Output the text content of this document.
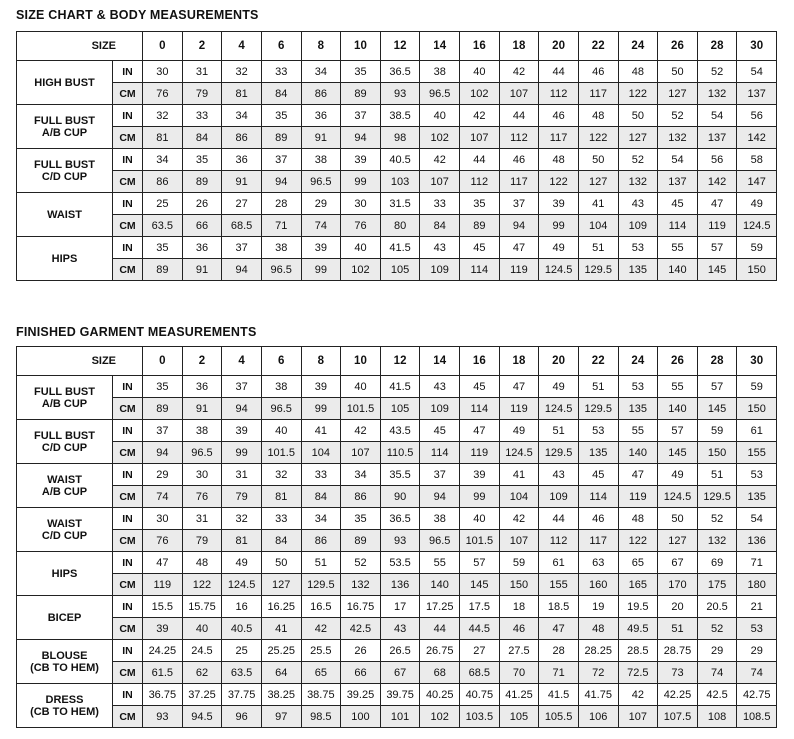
SIZE CHART & BODY MEASUREMENTS
SIZE		0	2	4	6	8	10	12	14	16	18	20	22	24	26	28	30
HIGH BUST	IN	30	31	32	33	34	35	36.5	38	40	42	44	46	48	50	52	54
	CM	76	79	81	84	86	89	93	96.5	102	107	112	117	122	127	132	137
FULL BUST
A/B CUP	IN	32	33	34	35	36	37	38.5	40	42	44	46	48	50	52	54	56
	CM	81	84	86	89	91	94	98	102	107	112	117	122	127	132	137	142
FULL BUST
C/D CUP	IN	34	35	36	37	38	39	40.5	42	44	46	48	50	52	54	56	58
	CM	86	89	91	94	96.5	99	103	107	112	117	122	127	132	137	142	147
WAIST	IN	25	26	27	28	29	30	31.5	33	35	37	39	41	43	45	47	49
	CM	63.5	66	68.5	71	74	76	80	84	89	94	99	104	109	114	119	124.5
HIPS	IN	35	36	37	38	39	40	41.5	43	45	47	49	51	53	55	57	59
	CM	89	91	94	96.5	99	102	105	109	114	119	124.5	129.5	135	140	145	150
FINISHED GARMENT MEASUREMENTS
SIZE		0	2	4	6	8	10	12	14	16	18	20	22	24	26	28	30
FULL BUST
A/B CUP	IN	35	36	37	38	39	40	41.5	43	45	47	49	51	53	55	57	59
	CM	89	91	94	96.5	99	101.5	105	109	114	119	124.5	129.5	135	140	145	150
FULL BUST
C/D CUP	IN	37	38	39	40	41	42	43.5	45	47	49	51	53	55	57	59	61
	CM	94	96.5	99	101.5	104	107	110.5	114	119	124.5	129.5	135	140	145	150	155
WAIST
A/B CUP	IN	29	30	31	32	33	34	35.5	37	39	41	43	45	47	49	51	53
	CM	74	76	79	81	84	86	90	94	99	104	109	114	119	124.5	129.5	135
WAIST
C/D CUP	IN	30	31	32	33	34	35	36.5	38	40	42	44	46	48	50	52	54
	CM	76	79	81	84	86	89	93	96.5	101.5	107	112	117	122	127	132	136
HIPS	IN	47	48	49	50	51	52	53.5	55	57	59	61	63	65	67	69	71
	CM	119	122	124.5	127	129.5	132	136	140	145	150	155	160	165	170	175	180
BICEP	IN	15.5	15.75	16	16.25	16.5	16.75	17	17.25	17.5	18	18.5	19	19.5	20	20.5	21
	CM	39	40	40.5	41	42	42.5	43	44	44.5	46	47	48	49.5	51	52	53
BLOUSE
(CB TO HEM)	IN	24.25	24.5	25	25.25	25.5	26	26.5	26.75	27	27.5	28	28.25	28.5	28.75	29	29
	CM	61.5	62	63.5	64	65	66	67	68	68.5	70	71	72	72.5	73	74	74
DRESS
(CB TO HEM)	IN	36.75	37.25	37.75	38.25	38.75	39.25	39.75	40.25	40.75	41.25	41.5	41.75	42	42.25	42.5	42.75
	CM	93	94.5	96	97	98.5	100	101	102	103.5	105	105.5	106	107	107.5	108	108.5
